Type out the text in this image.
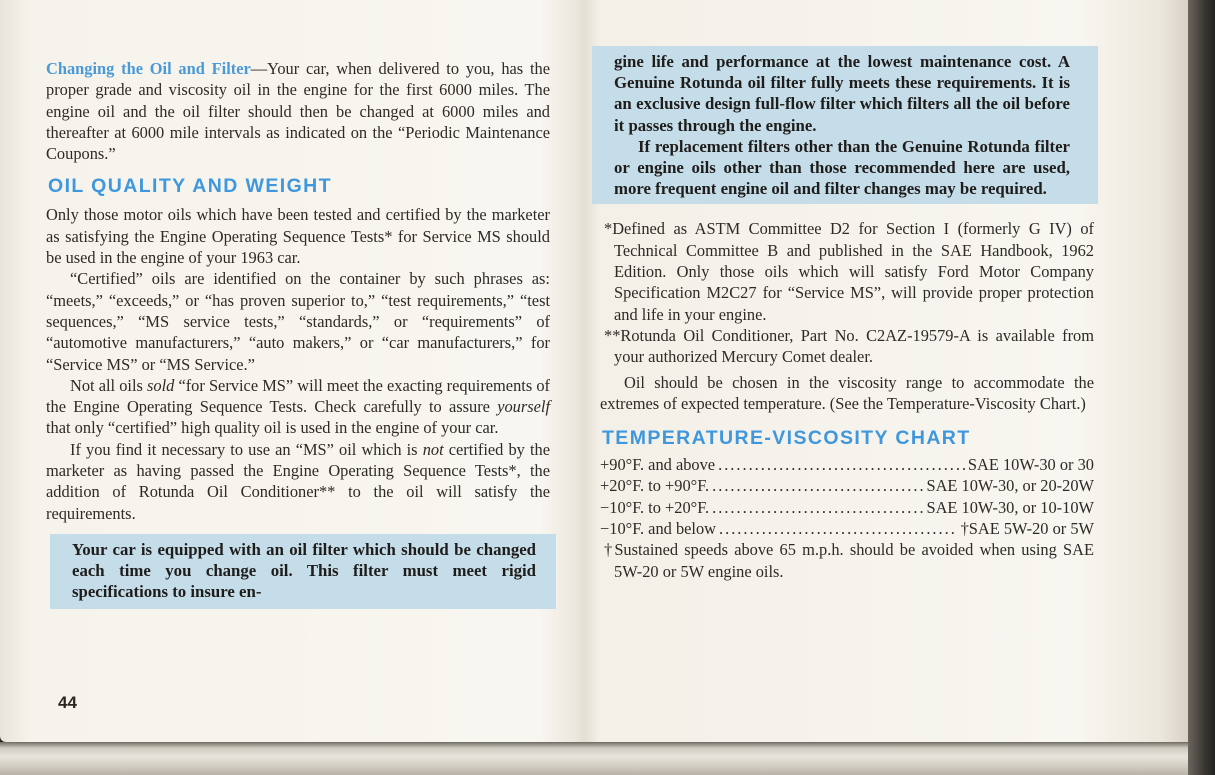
Changing the Oil and Filter—Your car, when delivered to you, has the proper grade and viscosity oil in the engine for the first 6000 miles. The engine oil and the oil filter should then be changed at 6000 miles and thereafter at 6000 mile intervals as indicated on the “Periodic Maintenance Coupons.”

OIL QUALITY AND WEIGHT

Only those motor oils which have been tested and certified by the marketer as satisfying the Engine Operating Sequence Tests* for Service MS should be used in the engine of your 1963 car.

“Certified” oils are identified on the container by such phrases as: “meets,” “exceeds,” or “has proven superior to,” “test requirements,” “test sequences,” “MS service tests,” “standards,” or “requirements” of “automotive manufacturers,” “auto makers,” or “car manufacturers,” for “Service MS” or “MS Service.”

Not all oils sold “for Service MS” will meet the exacting requirements of the Engine Operating Sequence Tests. Check carefully to assure yourself that only “certified” high quality oil is used in the engine of your car.

If you find it necessary to use an “MS” oil which is not certified by the marketer as having passed the Engine Operating Sequence Tests*, the addition of Rotunda Oil Conditioner** to the oil will satisfy the requirements.

Your car is equipped with an oil filter which should be changed each time you change oil. This filter must meet rigid specifications to insure en-
44

gine life and performance at the lowest maintenance cost. A Genuine Rotunda oil filter fully meets these requirements. It is an exclusive design full-flow filter which filters all the oil before it passes through the engine.

If replacement filters other than the Genuine Rotunda filter or engine oils other than those recommended here are used, more frequent engine oil and filter changes may be required.

*Defined as ASTM Committee D2 for Section I (formerly G IV) of Technical Committee B and published in the SAE Handbook, 1962 Edition. Only those oils which will satisfy Ford Motor Company Specification M2C27 for “Service MS”, will provide proper protection and life in your engine.

**Rotunda Oil Conditioner, Part No. C2AZ-19579-A is available from your authorized Mercury Comet dealer.

Oil should be chosen in the viscosity range to accommodate the extremes of expected temperature. (See the Temperature-Viscosity Chart.)

TEMPERATURE-VISCOSITY CHART
+90°F. and above .....	SAE 10W-30 or 30
+20°F. to +90°F. .....	SAE 10W-30, or 20-20W
−10°F. to +20°F. .....	SAE 10W-30, or 10-10W
−10°F. and below .....	†SAE 5W-20 or 5W

†Sustained speeds above 65 m.p.h. should be avoided when using SAE 5W-20 or 5W engine oils.
